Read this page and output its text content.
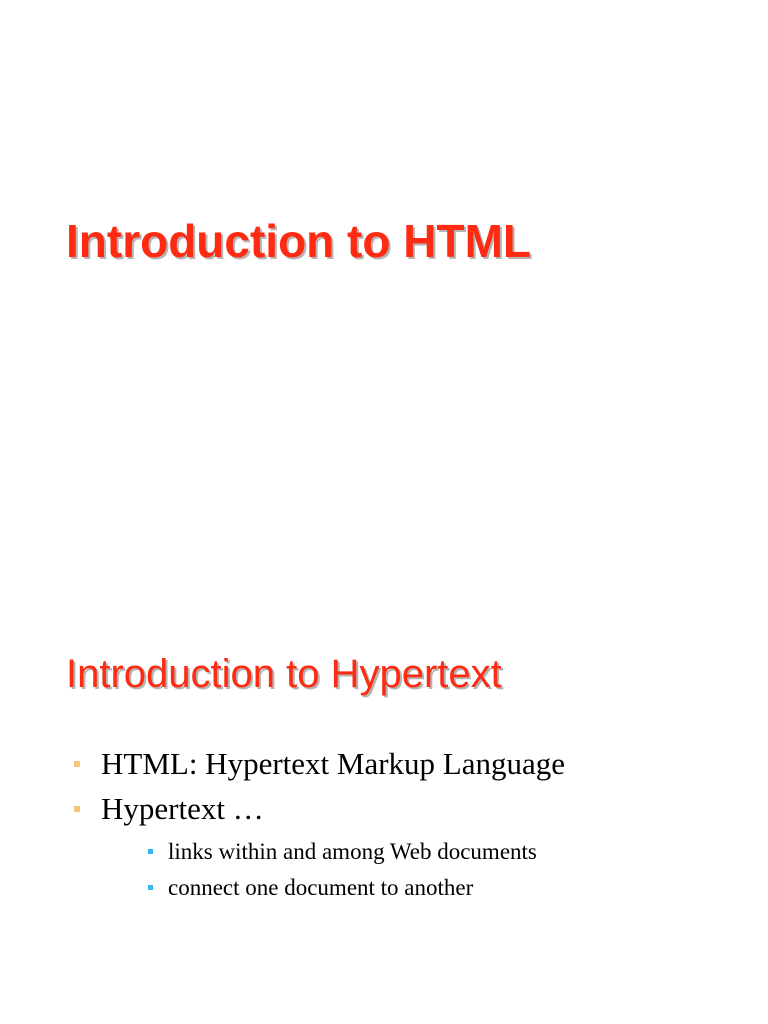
Introduction to HTML
Introduction to Hypertext
HTML: Hypertext Markup Language
Hypertext …
links within and among Web documents
connect one document to another
